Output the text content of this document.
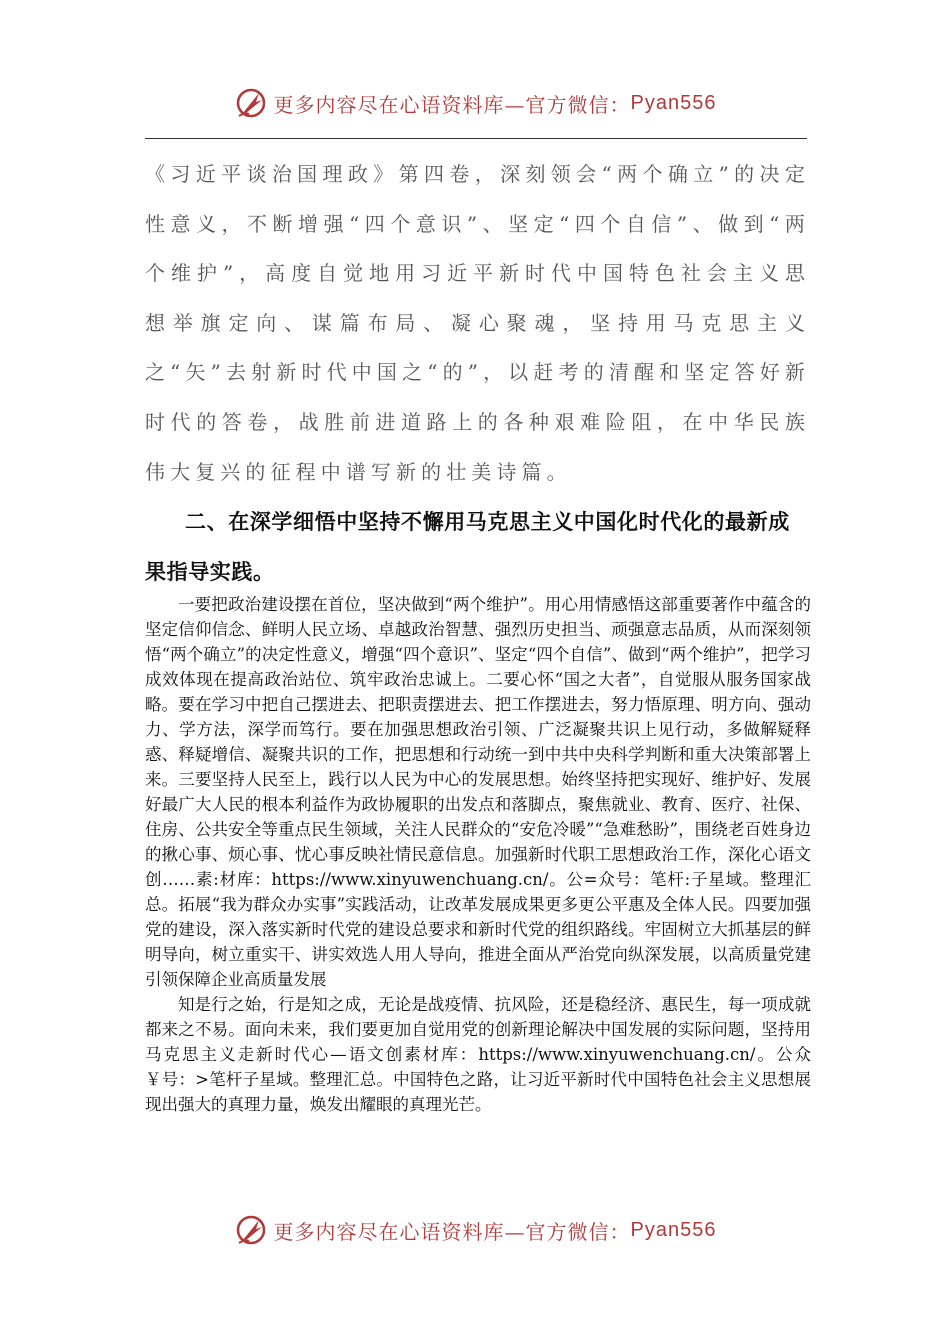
更多内容尽在心语资料库—官方微信： Pyan556

《习近平谈治国理政》第四卷，深刻领会“两个确立”的决定性意义，不断增强“四个意识”、坚定“四个自信”、做到“两个维护”，高度自觉地用习近平新时代中国特色社会主义思想举旗定向、谋篇布局、凝心聚魂，坚持用马克思主义之“矢”去射新时代中国之“的”，以赶考的清醒和坚定答好新时代的答卷，战胜前进道路上的各种艰难险阻，在中华民族伟大复兴的征程中谱写新的壮美诗篇。

二、在深学细悟中坚持不懈用马克思主义中国化时代化的最新成果指导实践。

一要把政治建设摆在首位，坚决做到“两个维护”。用心用情感悟这部重要著作中蕴含的坚定信仰信念、鲜明人民立场、卓越政治智慧、强烈历史担当、顽强意志品质，从而深刻领悟“两个确立”的决定性意义，增强“四个意识”、坚定“四个自信”、做到“两个维护”，把学习成效体现在提高政治站位、筑牢政治忠诚上。二要心怀“国之大者”，自觉服从服务国家战略。要在学习中把自己摆进去、把职责摆进去、把工作摆进去，努力悟原理、明方向、强动力、学方法，深学而笃行。要在加强思想政治引领、广泛凝聚共识上见行动，多做解疑释惑、释疑增信、凝聚共识的工作，把思想和行动统一到中共中央科学判断和重大决策部署上来。三要坚持人民至上，践行以人民为中心的发展思想。始终坚持把实现好、维护好、发展好最广大人民的根本利益作为政协履职的出发点和落脚点，聚焦就业、教育、医疗、社保、住房、公共安全等重点民生领域，关注人民群众的“安危冷暖”“急难愁盼”，围绕老百姓身边的揪心事、烦心事、忧心事反映社情民意信息。加强新时代职工思想政治工作，深化心语文创……素:材库：https://www.xinyuwenchuang.cn/。公=众号：笔杆:子星域。整理汇总。拓展“我为群众办实事”实践活动，让改革发展成果更多更公平惠及全体人民。四要加强党的建设，深入落实新时代党的建设总要求和新时代党的组织路线。牢固树立大抓基层的鲜明导向，树立重实干、讲实效选人用人导向，推进全面从严治党向纵深发展，以高质量党建引领保障企业高质量发展

知是行之始，行是知之成，无论是战疫情、抗风险，还是稳经济、惠民生，每一项成就都来之不易。面向未来，我们要更加自觉用党的创新理论解决中国发展的实际问题，坚持用马克思主义走新时代心—语文创素材库：https://www.xinyuwenchuang.cn/。公众￥号：>笔杆子星域。整理汇总。中国特色之路，让习近平新时代中国特色社会主义思想展现出强大的真理力量，焕发出耀眼的真理光芒。

更多内容尽在心语资料库—官方微信： Pyan556
